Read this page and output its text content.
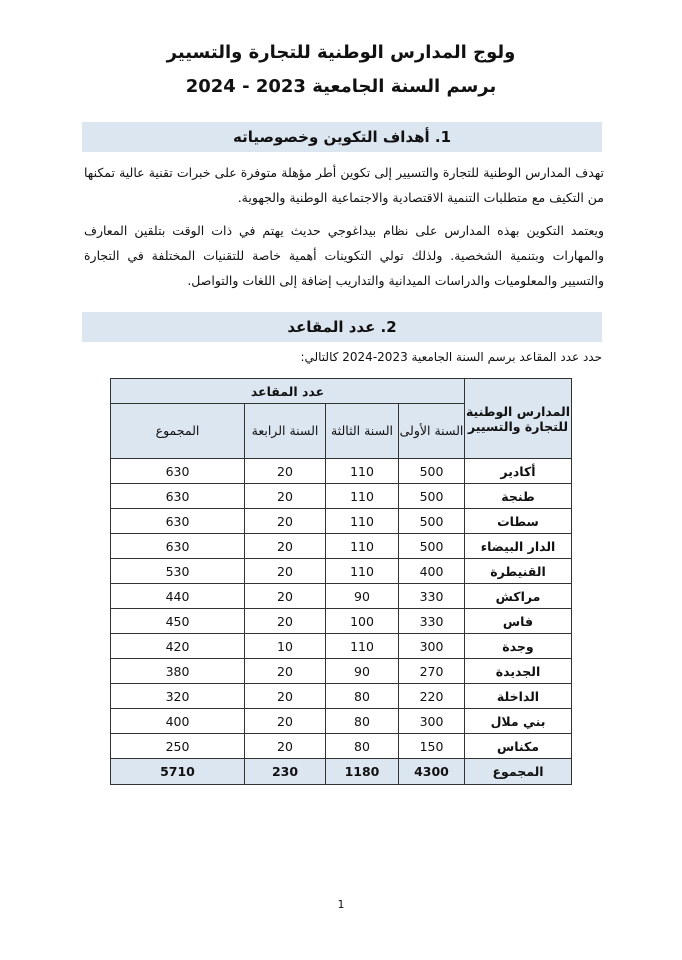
ولوج المدارس الوطنية للتجارة والتسيير
برسم السنة الجامعية 2023 - 2024
1. أهداف التكوين وخصوصياته
تهدف المدارس الوطنية للتجارة والتسيير إلى تكوين أطر مؤهلة متوفرة على خبرات تقنية عالية تمكنها من التكيف مع متطلبات التنمية الاقتصادية والاجتماعية الوطنية والجهوية.
ويعتمد التكوين بهذه المدارس على نظام بيداغوجي حديث يهتم في ذات الوقت بتلقين المعارف والمهارات وبتنمية الشخصية. ولذلك تولي التكوينات أهمية خاصة للتقنيات المختلفة في التجارة والتسيير والمعلوميات والدراسات الميدانية والتداريب إضافة إلى اللغات والتواصل.
2. عدد المقاعد
حدد عدد المقاعد برسم السنة الجامعية 2023-2024 كالتالي:
المدارس الوطنية للتجارة والتسيير	عدد المقاعد			
	السنة الأولى	السنة الثالثة	السنة الرابعة	المجموع
أكادير	500	110	20	630
طنجة	500	110	20	630
سطات	500	110	20	630
الدار البيضاء	500	110	20	630
القنيطرة	400	110	20	530
مراكش	330	90	20	440
فاس	330	100	20	450
وجدة	300	110	10	420
الجديدة	270	90	20	380
الداخلة	220	80	20	320
بني ملال	300	80	20	400
مكناس	150	80	20	250
المجموع	4300	1180	230	5710
1
